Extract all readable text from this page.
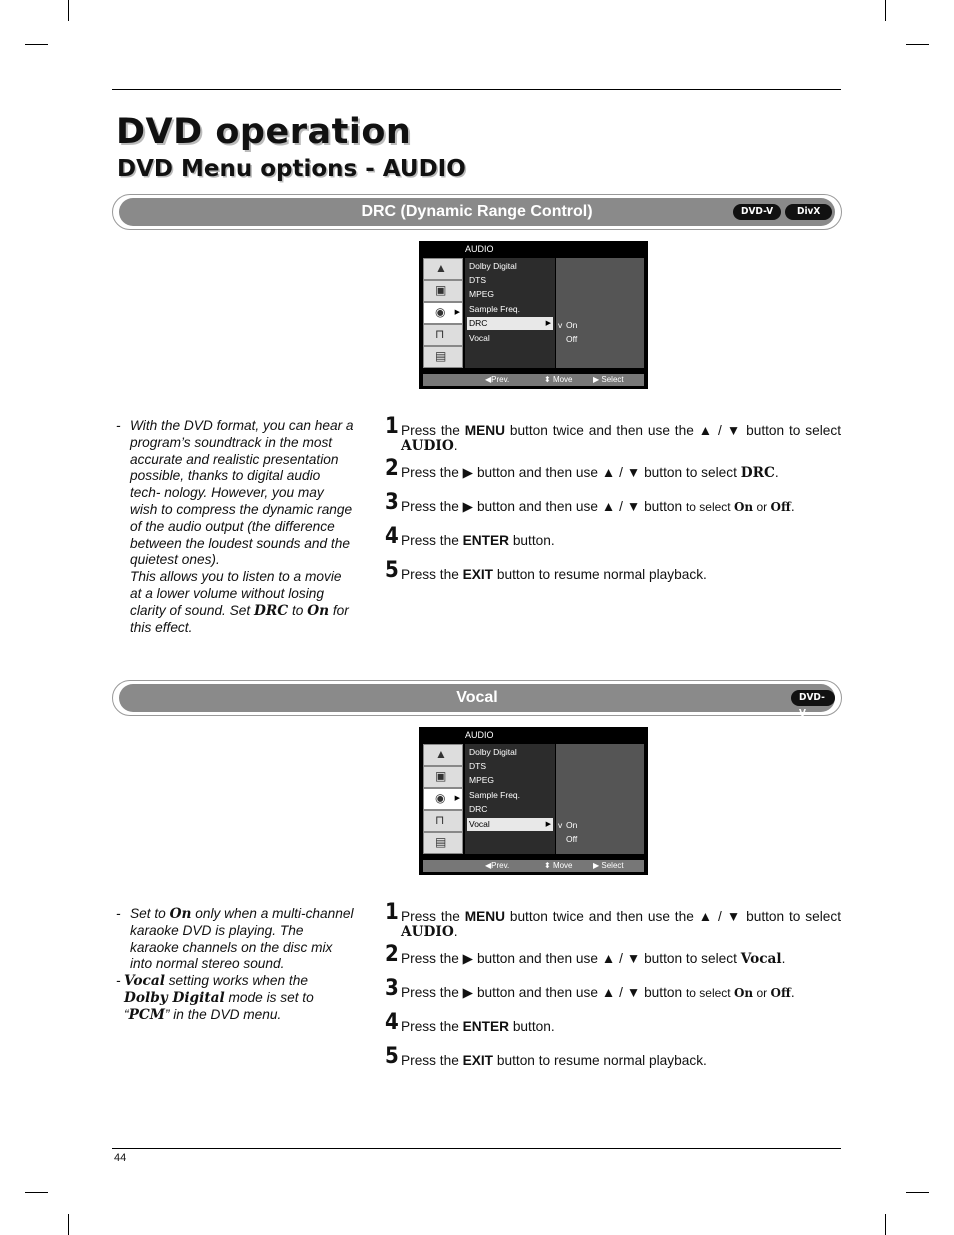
DVD operation
DVD Menu options - AUDIO
DRC (Dynamic Range Control)	DVD-V	DivX
AUDIO
▲
▣
◉ ▶
⊓
▤
Dolby Digital
DTS
MPEG
Sample Freq.
DRC	▶
Vocal
v On
Off
◀Prev.	⬍ Move	▶ Select
- With the DVD format, you can hear a program’s soundtrack in the most accurate and realistic presentation possible, thanks to digital audio tech- nology. However, you may wish to compress the dynamic range of the audio output (the difference between the loudest sounds and the quietest ones).
This allows you to listen to a movie at a lower volume without losing clarity of sound. Set DRC to On for this effect.
1 Press the MENU button twice and then use the ▲ / ▼ button to select AUDIO.
2 Press the ▶ button and then use ▲ / ▼ button to select DRC.
3 Press the ▶ button and then use ▲ / ▼ button to select On or Off.
4 Press the ENTER button.
5 Press the EXIT button to resume normal playback.
Vocal	DVD-V
AUDIO
▲
▣
◉ ▶
⊓
▤
Dolby Digital
DTS
MPEG
Sample Freq.
DRC
Vocal	▶ v On
Off
◀Prev.	⬍ Move	▶ Select
- Set to On only when a multi-channel karaoke DVD is playing. The karaoke channels on the disc mix into normal stereo sound.
- Vocal setting works when the Dolby Digital mode is set to “PCM” in the DVD menu.
1 Press the MENU button twice and then use the ▲ / ▼ button to select AUDIO.
2 Press the ▶ button and then use ▲ / ▼ button to select Vocal.
3 Press the ▶ button and then use ▲ / ▼ button to select On or Off.
4 Press the ENTER button.
5 Press the EXIT button to resume normal playback.
44
